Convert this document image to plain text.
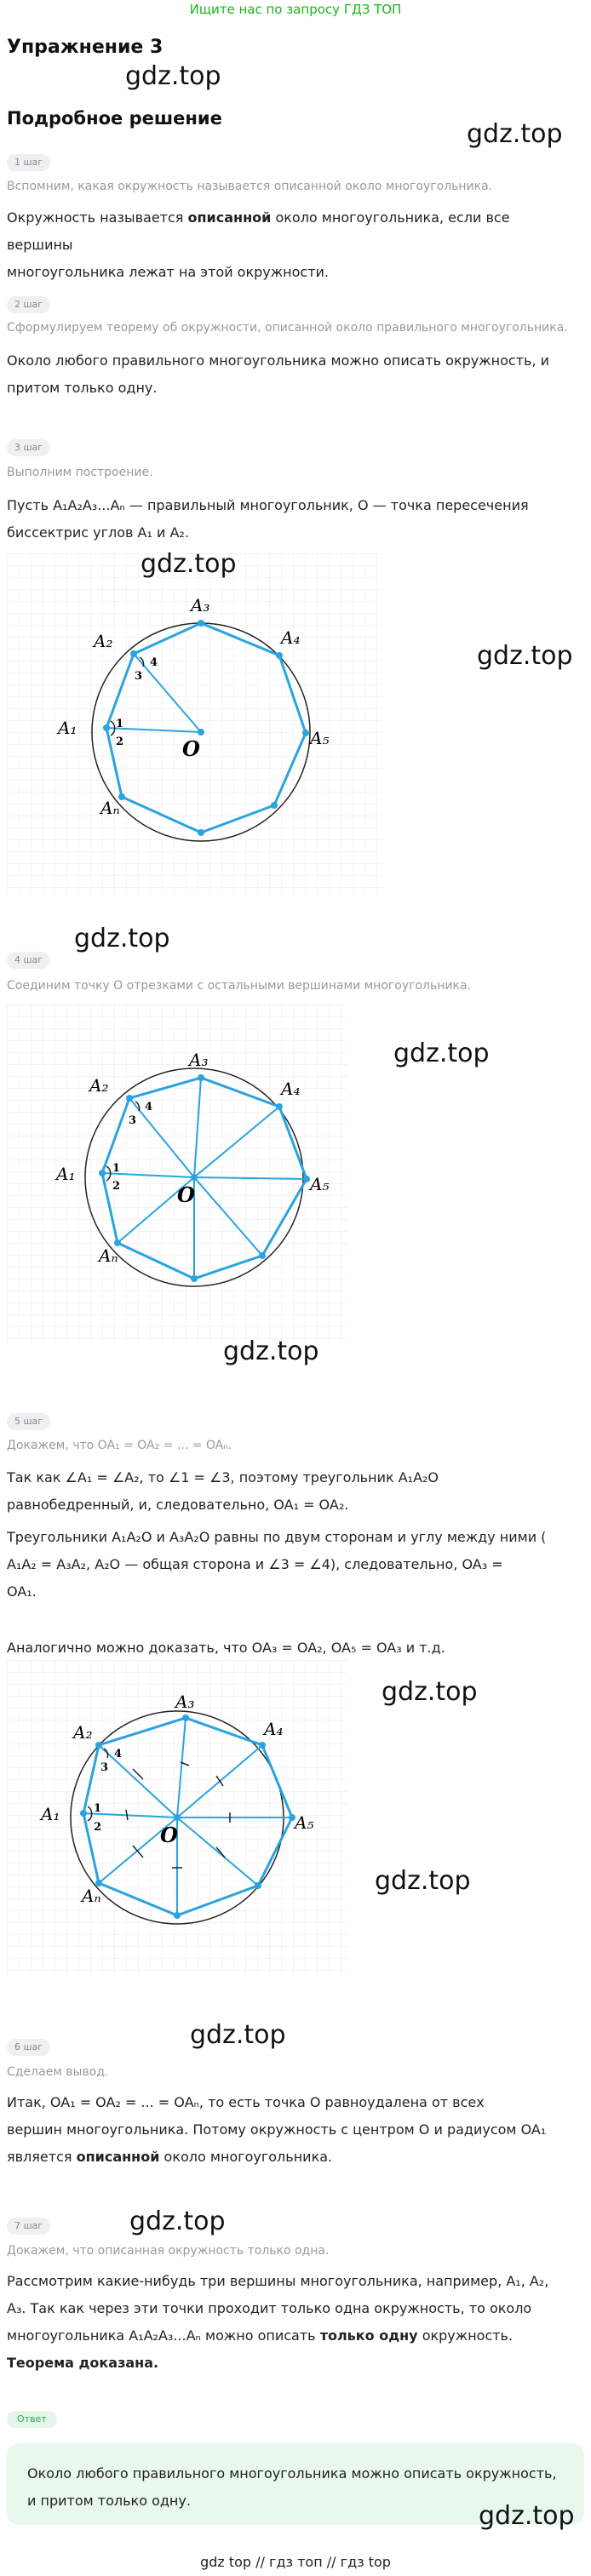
Ищите нас по запросу ГДЗ ТОП
Упражнение 3
gdz.top
gdz.top
Подробное решение
1 шаг
Вспомним, какая окружность называется описанной около многоугольника.
Окружность называется описанной около многоугольника, если все вершины
многоугольника лежат на этой окружности.
2 шаг
Сформулируем теорему об окружности, описанной около правильного многоугольника.
Около любого правильного многоугольника можно описать окружность, и
притом только одну.
3 шаг
Выполним построение.
Пусть A₁A₂A₃...Aₙ — правильный многоугольник, O — точка пересечения
биссектрис углов A₁ и A₂.
A₁
A₂
A₃
A₄
A₅
Aₙ
O
1
2
3
4
gdz.top
gdz.top
gdz.top
4 шаг
Соединим точку O отрезками с остальными вершинами многоугольника.
A₁
A₂
A₃
A₄
A₅
Aₙ
O
1
2
3
4
gdz.top
gdz.top
5 шаг
Докажем, что OA₁ = OA₂ = ... = OAₙ.
Так как ∠A₁ = ∠A₂, то ∠1 = ∠3, поэтому треугольник A₁A₂O
равнобедренный, и, следовательно, OA₁ = OA₂.
Треугольники A₁A₂O и A₃A₂O равны по двум сторонам и углу между ними (
A₁A₂ = A₃A₂, A₂O — общая сторона и ∠3 = ∠4), следовательно, OA₃ =
OA₁.
Аналогично можно доказать, что OA₃ = OA₂, OA₅ = OA₃ и т.д.
A₁
A₂
A₃
A₄
A₅
Aₙ
O
1
2
3
4
gdz.top
gdz.top
gdz.top
6 шаг
Сделаем вывод.
Итак, OA₁ = OA₂ = ... = OAₙ, то есть точка O равноудалена от всех
вершин многоугольника. Потому окружность с центром O и радиусом OA₁
является описанной около многоугольника.
gdz.top
7 шаг
Докажем, что описанная окружность только одна.
Рассмотрим какие-нибудь три вершины многоугольника, например, A₁, A₂,
A₃. Так как через эти точки проходит только одна окружность, то около
многоугольника A₁A₂A₃...Aₙ можно описать только одну окружность.
Теорема доказана.
Ответ
Около любого правильного многоугольника можно описать окружность,
и притом только одну.
gdz.top
gdz top // гдз топ // гдз top
